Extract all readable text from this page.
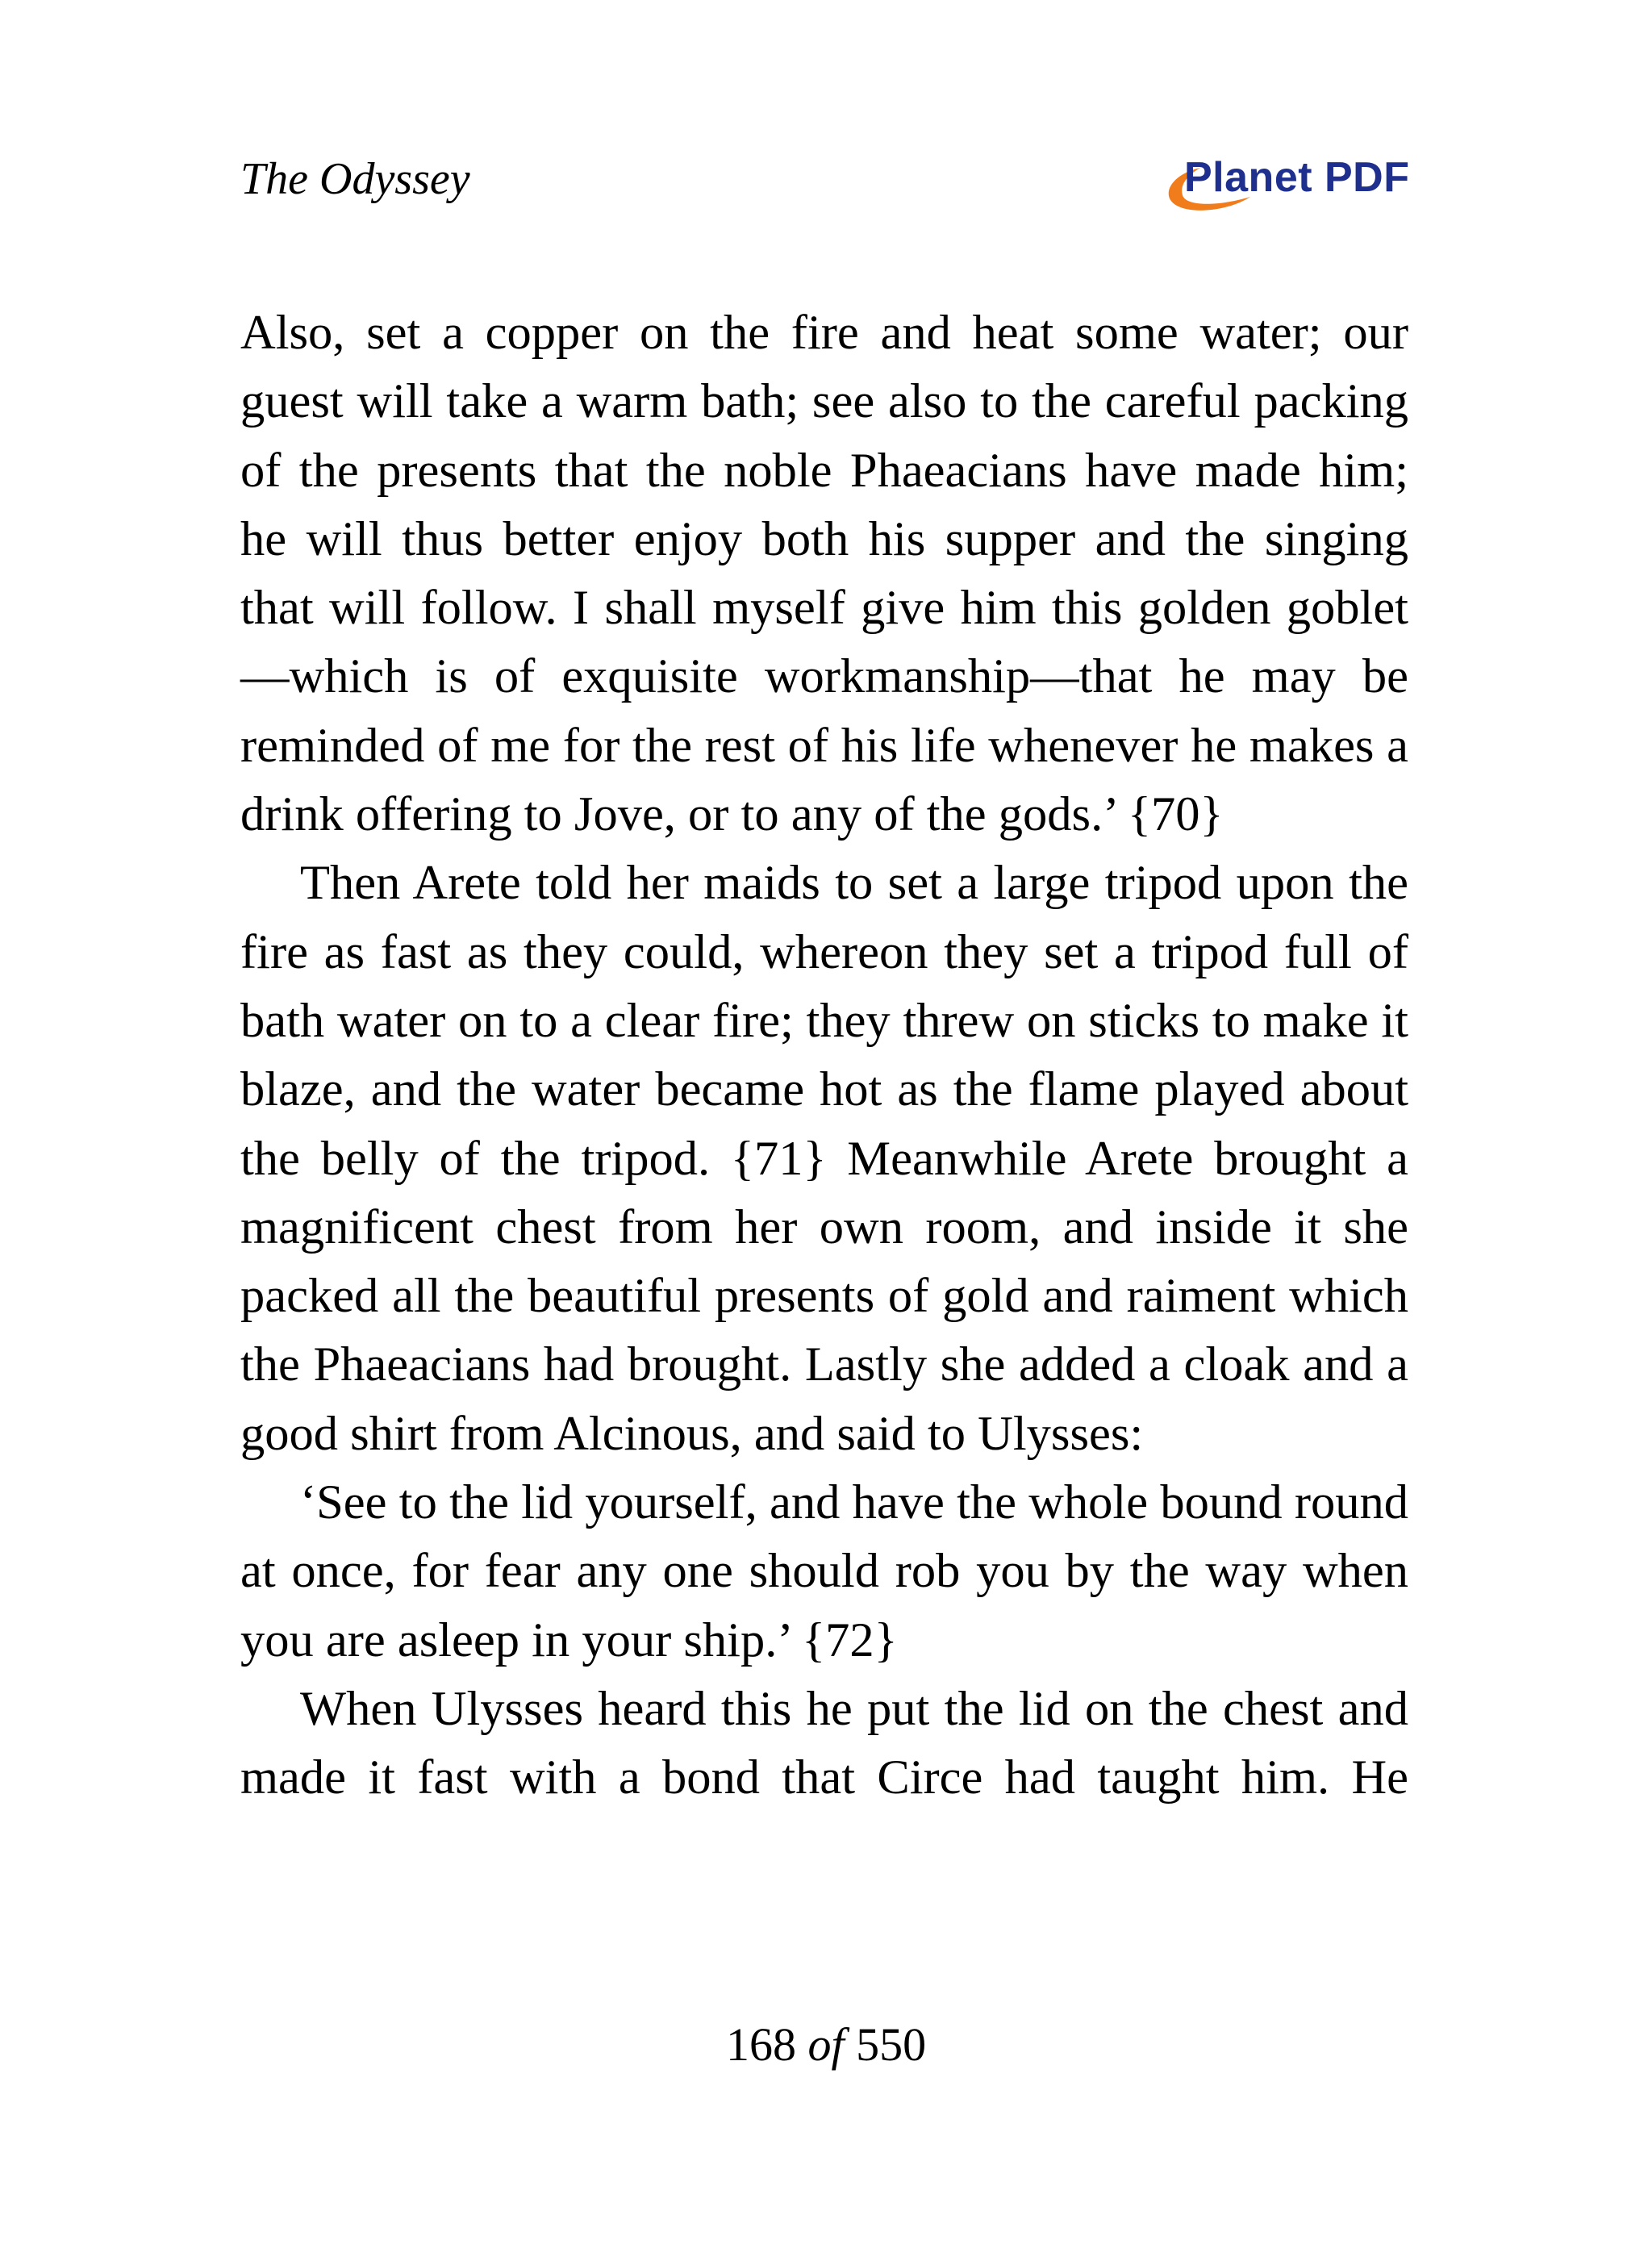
The Odyssey	Planet PDF

Also, set a copper on the fire and heat some water; our guest will take a warm bath; see also to the careful packing of the presents that the noble Phaeacians have made him; he will thus better enjoy both his supper and the singing that will follow. I shall myself give him this golden goblet—which is of exquisite workmanship—that he may be reminded of me for the rest of his life whenever he makes a drink offering to Jove, or to any of the gods.’ {70}

Then Arete told her maids to set a large tripod upon the fire as fast as they could, whereon they set a tripod full of bath water on to a clear fire; they threw on sticks to make it blaze, and the water became hot as the flame played about the belly of the tripod. {71} Meanwhile Arete brought a magnificent chest from her own room, and inside it she packed all the beautiful presents of gold and raiment which the Phaeacians had brought. Lastly she added a cloak and a good shirt from Alcinous, and said to Ulysses:

‘See to the lid yourself, and have the whole bound round at once, for fear any one should rob you by the way when you are asleep in your ship.’ {72}

When Ulysses heard this he put the lid on the chest and made it fast with a bond that Circe had taught him. He

168 of 550
